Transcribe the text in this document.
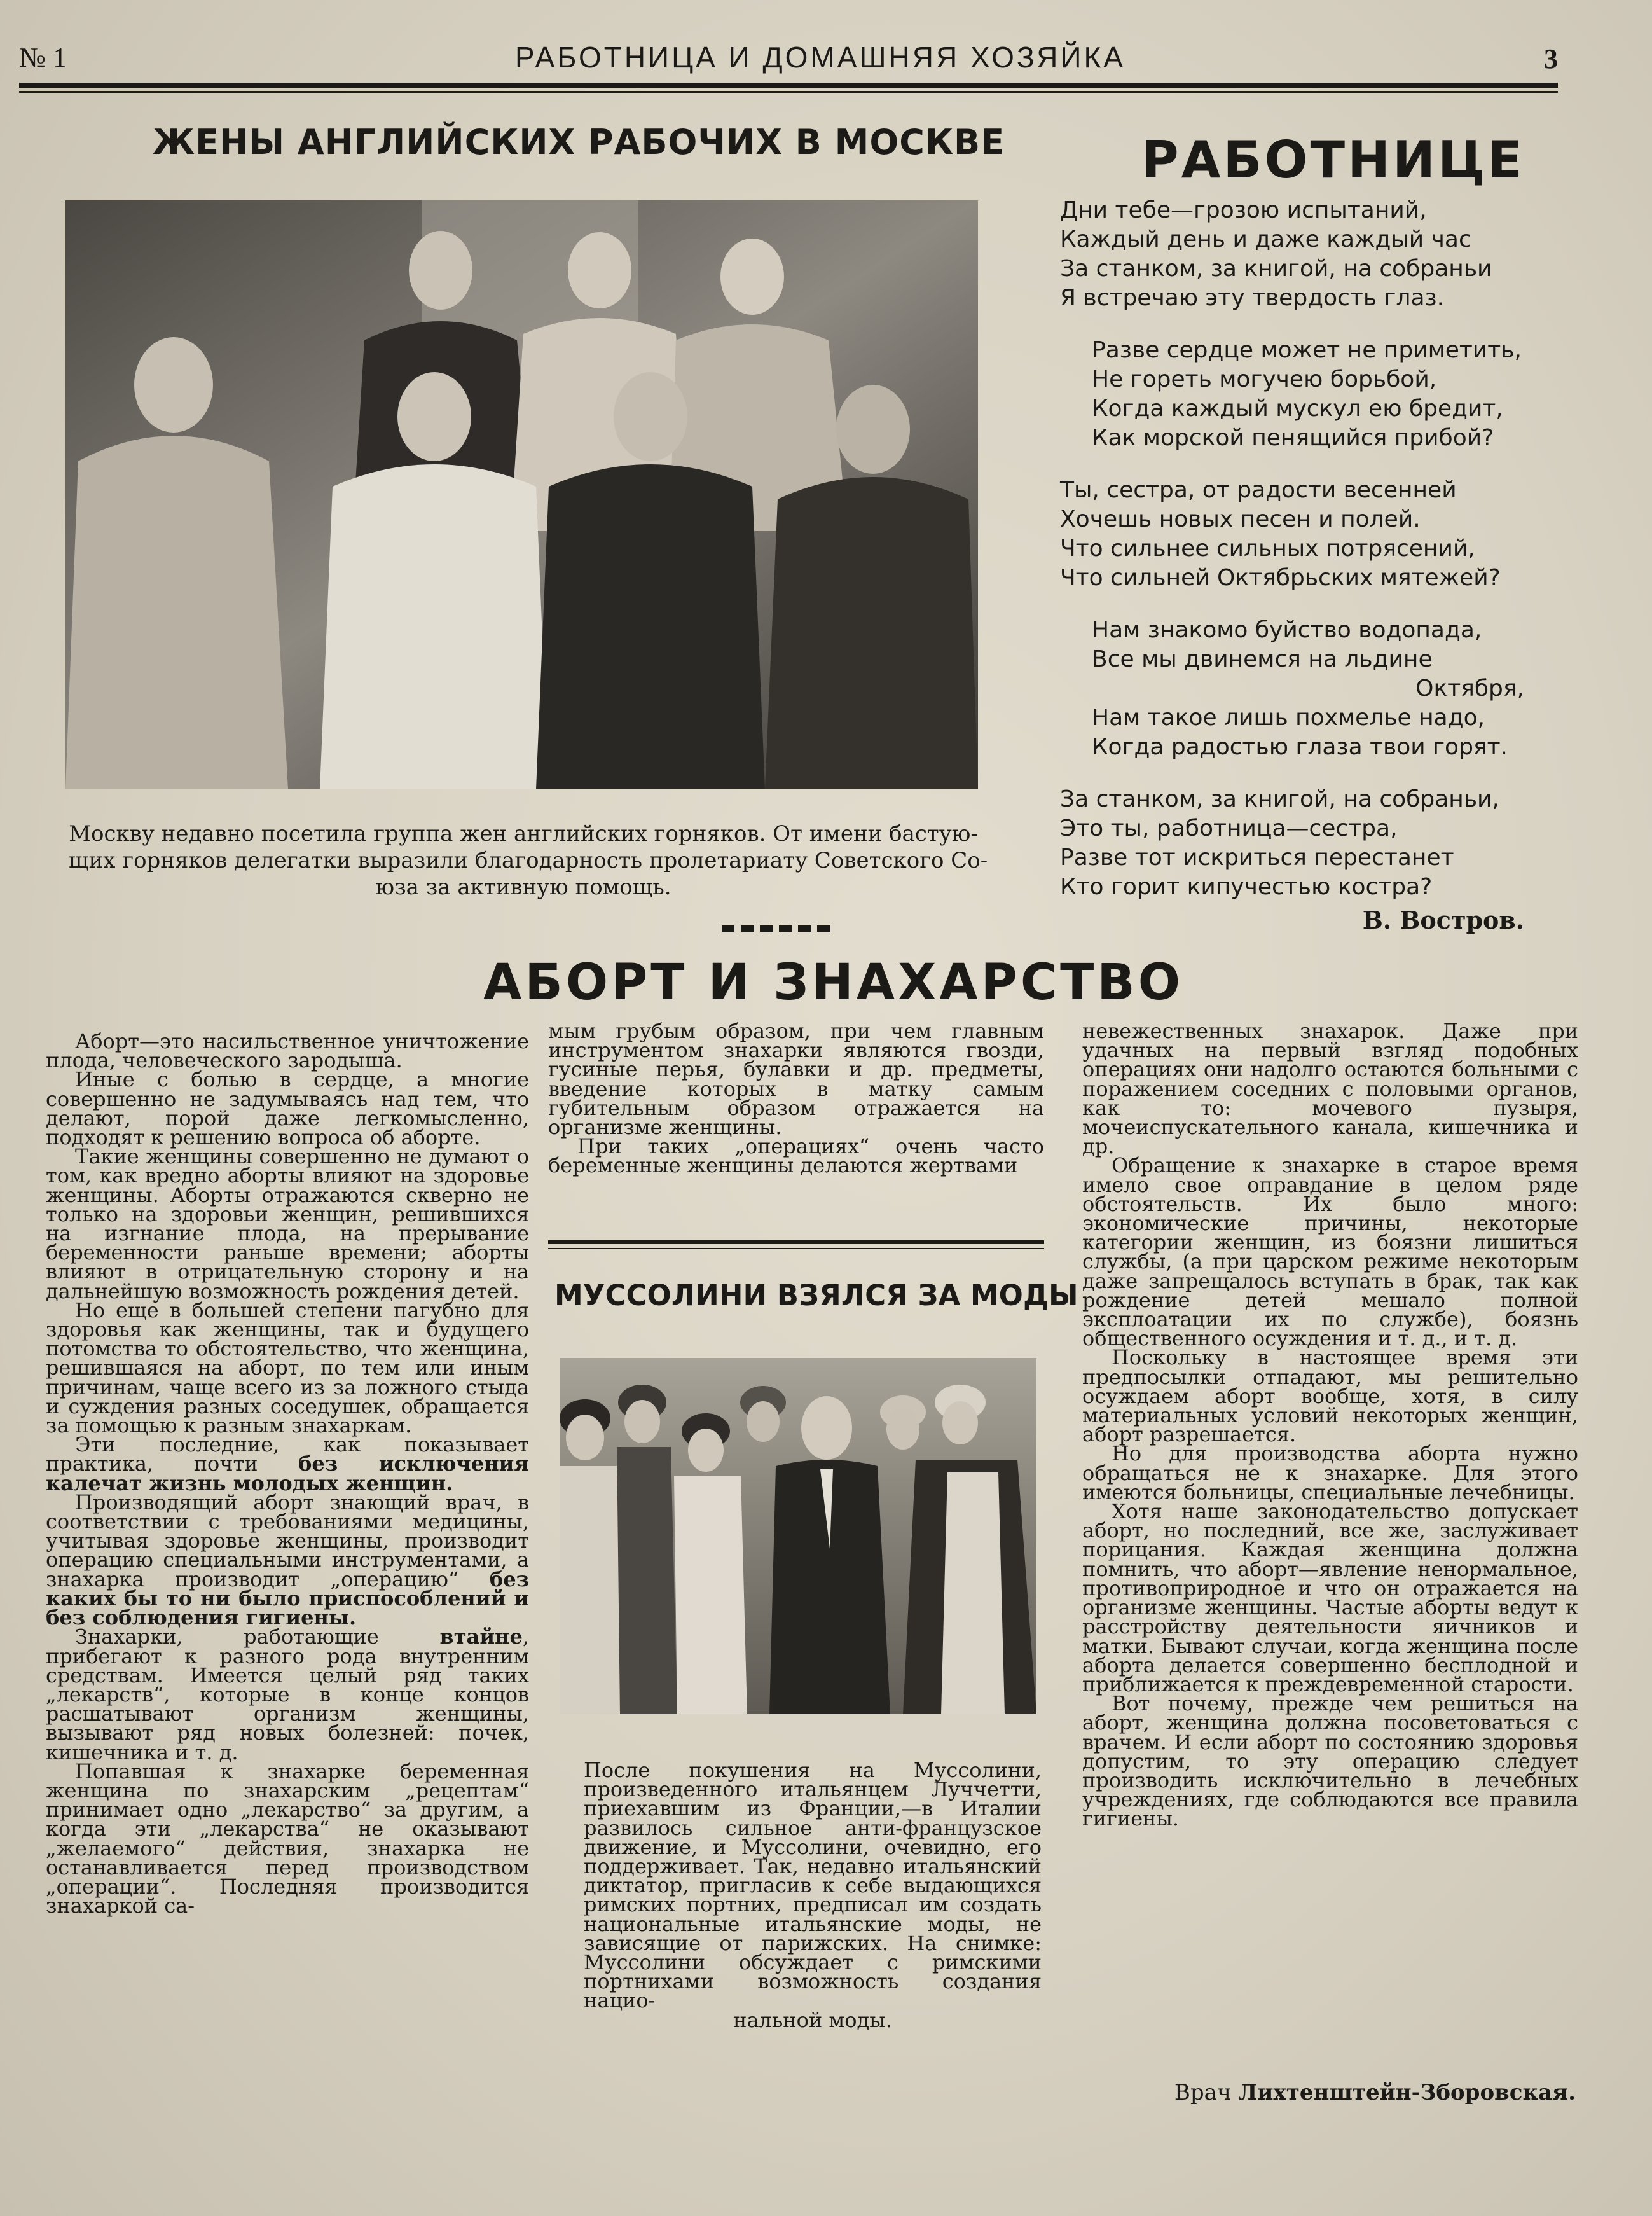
№ 1	РАБОТНИЦА И ДОМАШНЯЯ ХОЗЯЙКА	3
ЖЕНЫ АНГЛИЙСКИХ РАБОЧИХ В МОСКВЕ
Москву недавно посетила группа жен английских горняков. От имени бастую-
щих горняков делегатки выразили благодарность пролетариату Советского Со-
юза за активную помощь.
РАБОТНИЦЕ
Дни тебе—грозою испытаний,
Каждый день и даже каждый час
За станком, за книгой, на собраньи
Я встречаю эту твердость глаз.
Разве сердце может не приметить,
Не гореть могучею борьбой,
Когда каждый мускул ею бредит,
Как морской пенящийся прибой?
Ты, сестра, от радости весенней
Хочешь новых песен и полей.
Что сильнее сильных потрясений,
Что сильней Октябрьских мятежей?
Нам знакомо буйство водопада,
Все мы двинемся на льдине
Октября,
Нам такое лишь похмелье надо,
Когда радостью глаза твои горят.
За станком, за книгой, на собраньи,
Это ты, работница—сестра,
Разве тот искриться перестанет
Кто горит кипучестью костра?
В. Востров.
АБОРТ И ЗНАХАРСТВО

Аборт—это насильственное уничтожение плода, человеческого зародыша.

Иные с болью в сердце, а многие совершенно не задумываясь над тем, что делают, порой даже легкомысленно, подходят к решению вопроса об аборте.

Такие женщины совершенно не думают о том, как вредно аборты влияют на здоровье женщины. Аборты отражаются скверно не только на здоровьи женщин, решившихся на изгнание плода, на прерывание беременности раньше времени; аборты влияют в отрицательную сторону и на дальнейшую возможность рождения детей.

Но еще в большей степени пагубно для здоровья как женщины, так и будущего потомства то обстоятельство, что женщина, решившаяся на аборт, по тем или иным причинам, чаще всего из за ложного стыда и суждения разных соседушек, обращается за помощью к разным знахаркам.

Эти последние, как показывает практика, почти без исключения калечат жизнь молодых женщин.

Производящий аборт знающий врач, в соответствии с требованиями медицины, учитывая здоровье женщины, производит операцию специальными инструментами, а знахарка производит „операцию“ без каких бы то ни было приспособлений и без соблюдения гигиены.

Знахарки, работающие втайне, прибегают к разного рода внутренним средствам. Имеется целый ряд таких „лекарств“, которые в конце концов расшатывают организм женщины, вызывают ряд новых болезней: почек, кишечника и т. д.

Попавшая к знахарке беременная женщина по знахарским „рецептам“ принимает одно „лекарство“ за другим, а когда эти „лекарства“ не оказывают „желаемого“ действия, знахарка не останавливается перед производством „операции“. Последняя производится знахаркой са-

мым грубым образом, при чем главным инструментом знахарки являются гвозди, гусиные перья, булавки и др. предметы, введение которых в матку самым губительным образом отражается на организме женщины.

При таких „операциях“ очень часто беременные женщины делаются жертвами

МУССОЛИНИ ВЗЯЛСЯ ЗА МОДЫ

После покушения на Муссолини, произведенного итальянцем Луччетти, приехавшим из Франции,—в Италии развилось сильное анти-французское движение, и Муссолини, очевидно, его поддерживает. Так, недавно итальянский диктатор, пригласив к себе выдающихся римских портних, предписал им создать национальные итальянские моды, не зависящие от парижских. На снимке: Муссолини обсуждает с римскими портнихами возможность создания нацио-

нальной моды.

невежественных знахарок. Даже при удачных на первый взгляд подобных операциях они надолго остаются больными с поражением соседних с половыми органов, как то: мочевого пузыря, мочеиспускательного канала, кишечника и др.

Обращение к знахарке в старое время имело свое оправдание в целом ряде обстоятельств. Их было много: экономические причины, некоторые категории женщин, из боязни лишиться службы, (а при царском режиме некоторым даже запрещалось вступать в брак, так как рождение детей мешало полной эксплоатации их по службе), боязнь общественного осуждения и т. д., и т. д.

Поскольку в настоящее время эти предпосылки отпадают, мы решительно осуждаем аборт вообще, хотя, в силу материальных условий некоторых женщин, аборт разрешается.

Но для производства аборта нужно обращаться не к знахарке. Для этого имеются больницы, специальные лечебницы.

Хотя наше законодательство допускает аборт, но последний, все же, заслуживает порицания. Каждая женщина должна помнить, что аборт—явление ненормальное, противоприродное и что он отражается на организме женщины. Частые аборты ведут к расстройству деятельности яичников и матки. Бывают случаи, когда женщина после аборта делается совершенно бесплодной и приближается к преждевременной старости.

Вот почему, прежде чем решиться на аборт, женщина должна посоветоваться с врачем. И если аборт по состоянию здоровья допустим, то эту операцию следует производить исключительно в лечебных учреждениях, где соблюдаются все правила гигиены.

Врач Лихтенштейн-Зборовская.
